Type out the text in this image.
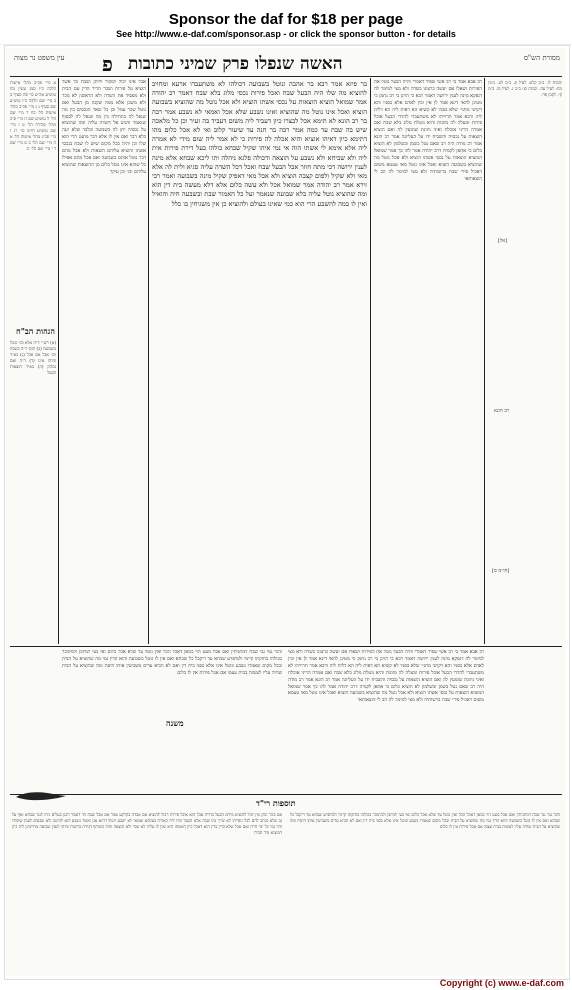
Sponsor the daf for $18 per page
See http://www.e-daf.com/sponsor.asp - or click the sponsor button - for details
עין משפט נר מצוה פ האשה שנפלו פרק שמיני כתובות	מסורת הש"ס
א מיי׳ פכ״ב מהל׳ אישות הלכה כ״ו סמג עשין מח טוש״ע אה״ע סי׳ פח סעיף ב ב מיי׳ שם הלכה כ״ז טוש״ע שם סעיף ג ג מיי׳ פכ״ב מהל׳ אישות הל׳ כח ד מיי׳ שם הל׳ ל טוש״ע שם ה מיי׳ פ״כ מהל׳ מכירה הל׳ ט ו מיי׳ שם טוש״ע חו״מ סי׳ רג ז מיי׳ פכ״ג מהל׳ אישות הל׳ א ח מיי׳ שם הל׳ ב ט מיי׳ שם ד י מיי׳ שם הל׳ יב
הגהות הב"ח
(א) רש״י ד״ה אלא וכו׳ נוטל בשבועה (ב) תוס׳ ד״ה בשבח וכו׳ אבל אם אכל (ג) בא״ד ומיהו אינו (ד) ד״ה ואם נמחק (ה) בא״ד הוצאות הבעל
אבל אינו יכול למכור וליתן ושבח כל אשר הוציא על פירות ושכר הדיר הדין עם הבית ולא מפסיד את השדה ולא הראשון לא מכר ולא משכן אלא ממה שקנה מן הבעל ואם נוטל שכר עמל וכן כל שאר הנכסים בין מה שנפל לה בתחילה בין מה שנפל לה לבסוף שנאמר והגיע אל השדה עליה ומה שהוציא על נכסיה יתן לה בשבועה ובלבד שלא יגנה בלא דבר ואם אין לו אלא דבר מועט הרי הוא שלו וכן יהיה בכל מקום שיש לו שבח בנכסי אשתו והוציא עליהם הוצאות ולא אכל מהם דבר נוטל אותם בשבועה ואם אכל מהם אפילו כל שהוא אינו נוטל כלום מן ההוצאות שהוציא עליהם וכו׳ וכן עיקר
בר פיזא אמר רבא בר אהבה ונוטל בשבועה דכולהו לא משתעבדו ארעא ומחויב להוציא מה שלו היה הבעל שבח ואכל פירות נכסי מלוג בלא שבח דאמר רב יהודה אמר שמואל הוציא הוצאות על נכסי אשתו הוציא ולא אכל נוטל מה שהוציא בשבועה הוציא ואכל אינו נוטל מה שהוציא ואינו נשבע שלא אכל ואמאי לא נשבע אמר רבה בר רב הונא לא תימא אכל לבצרו כיון דעביד ליה משום דעביד בה זעיר וכן כל מלאכה שיש בה שבח עד כמה אמר רבה בר חנה עד שיעור קלוב ואי לא אכל כלום מהו דתימא כיון דאיהו אוציא והיא אכלה לה פירות כי לא אמר ליה שום מידי לא אמרה ליה אלא אימא לי אשתו הוה אי נמי איהו שקיל שבחא כולהו בעל דירת פירות אית ליה ולא שביחא ולא נשבע על הוצאה ודכולה פלגא ניהלה ותו ליכא שבחא אלא מינה לענין ירושה דכי מתה חוזר אבל הבעל שבח ואכל דכל השדה עליה סגיא ולית לה אלא מאי ולא שקיל ולפום קצבה הוציא ולא אכל מאי דאפיק שקיל מינה בשבועה ואמר רבי זירא אמר רב יהודה אמר שמואל אכל ולא עשה כלום אלא דלא מעשה בית דין הוא ומה שהוציא נוטל עליה בלא שבועה שנאמר ועל כל האמור שבת ובשבעה חיה והואיל ואין לו במה להשבע הרי הוא כמי שאינו בעולם ולהוציא כן אין משגיחין בו כלל
רב אבא אמר בי רב אשי שפיר דאמרי והיה הבעל נוטל את הפירות ושאלו אם יעשה כרצונו בשדה ולא מצי למימר לה דנפקא מינה לענין ירושה דאמר רבא כי הוינן בי רב נחמן כי מטינן להאי דינא אמר לן אין זכין לאדם אלא בפניו והא דקתני מתני׳ שלא בפניו לא קשיא הא דאית ליה הא דלית ליה ורבא אמר תרוייהו לא משתעבדי להדדי הבעל אוכל פירות ומעלה לה מזונות והיא נוטלת מלוג בלא שבח ואם אמרה הריני אוכלת ואיני ניזונת שומעין לה ואם הוציא הוצאות על נכסיה והשביח ידו על העליונה אמר רב הונא אמר רב מודה היה רב שאם נטל בשמן ובשלמון לא הוציא כלום כי אתאן לקמיה דרב יהודה אמר להו כך אמר שמואל המוציא הוצאות על נכסי אשתו הוציא ולא אכל נוטל מה שהוציא בשבועה הוציא ואכל אינו נוטל מאי טעמא משום דאכיל פירי שבח ברשותיה ולא מצי למימר לה הב לי הוצאותאי
יבמות לו. ב״ב קלט: לעיל פ. ב״מ לט. גיטין מח: לעיל עח. יבמות סו: ב״ב נ. לעיל מו. ב״מ קי. לקמן פד:
[אל]
רב הונא
[חו״מ ס]
והכי נמי גבי שבח דמתניתין ואם אכל מעט הוי כמאן דאכל הכל ואין נוטל עד שלא אכל כלום ואי בעי למיזבן ולמימכר בכולהו בחזקתו קיימי ולמיפרע שבחא עד דיקבל כל שבחא ואם אין לו נוטל בשבועה והוא הדין נמי מה שהוציא על הבית ובכל מקום שאמרו נשבע ונוטל אינו אלא בפני בית דין ואם לא הביא עדים משביעין אותו היסת ומה שהוציא על הבית שהיה עליו לעשות בבית עצמו אם אכל פירות אין לו כלום
רב אבא אמר בי רב אשי שפיר דאמרי והיה הבעל נוטל את הפירות ושאלו אם יעשה כרצונו בשדה ולא מצי למימר לה דנפקא מינה לענין ירושה דאמר רבא כי הוינן בי רב נחמן כי מטינן להאי דינא אמר לן אין זכין לאדם אלא בפניו והא דקתני מתני׳ שלא בפניו לא קשיא הא דאית ליה הא דלית ליה ורבא אמר תרוייהו לא משתעבדי להדדי הבעל אוכל פירות ומעלה לה מזונות והיא נוטלת מלוג בלא שבח ואם אמרה הריני אוכלת ואיני ניזונת שומעין לה ואם הוציא הוצאות על נכסיה והשביח ידו על העליונה אמר רב הונא אמר רב מודה היה רב שאם נטל בשמן ובשלמון לא הוציא כלום כי אתאן לקמיה דרב יהודה אמר להו כך אמר שמואל המוציא הוצאות על נכסי אשתו הוציא ולא אכל נוטל מה שהוציא בשבועה הוציא ואכל אינו נוטל מאי טעמא משום דאכיל פירי שבח ברשותיה ולא מצי למימר לה הב לי הוצאותאי
משנה
תוספות רי"ד
אם מכר ונתן אין יכול להוציא מידם הבעל בחייה אבל הוא אוכל פירות ויכול להוציא אם אבדה בקרקע אמר אם אכל שבח הוי דאמר רבנן בעלים ניהו לגבי שבחא ואף על גב שלא נכתב להם לכל גופייהו לא שייך נהו שבח אלא הבעל הוה ליה כאורח בעלמא ואמאי לא ישבע ויטול דהוא אנן ואשר נשבע הוא להיטב ולא שבעים לענין שיפורו והוי נמי כל ימי חייה ואם אכל שלא כדין בדין הוא דאכל כיון דאשתו היא ואין לו עליה לא שכר ולא הוצאה והוה כשותף דנחית ברשות ומיהו לענין שבועה מחייבינן ליה כיון דמוציא מיד חבירו
והכי נמי גבי שבח דמתניתין ואם אכל מעט הוי כמאן דאכל הכל ואין נוטל עד שלא אכל כלום ואי בעי למיזבן ולמימכר בכולהו בחזקתו קיימי ולמיפרע שבחא עד דיקבל כל שבחא ואם אין לו נוטל בשבועה והוא הדין נמי מה שהוציא על הבית ובכל מקום שאמרו נשבע ונוטל אינו אלא בפני בית דין ואם לא הביא עדים משביעין אותו היסת ומה שהוציא על הבית שהיה עליו לעשות בבית עצמו אם אכל פירות אין לו כלום
Copyright (c) www.e-daf.com
